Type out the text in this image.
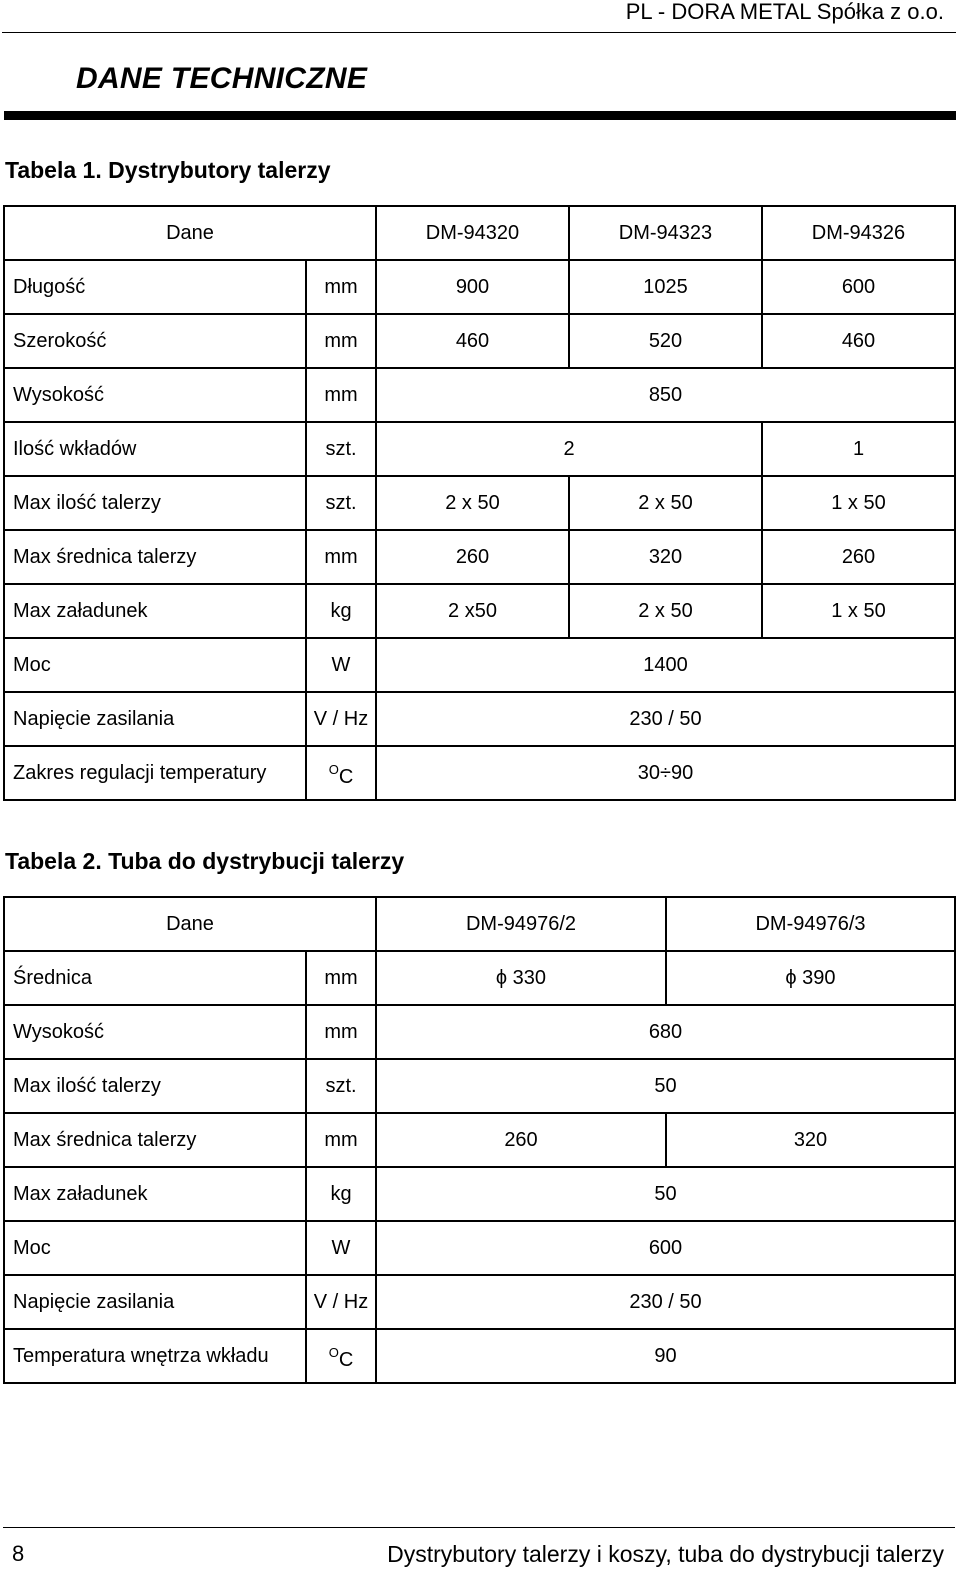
PL - DORA METAL Spółka z o.o.
DANE TECHNICZNE
Tabela 1. Dystrybutory talerzy
Dane		DM-94320	DM-94323	DM-94326
Długość	mm	900	1025	600
Szerokość	mm	460	520	460
Wysokość	mm	850		
Ilość wkładów	szt.	2		1
Max ilość talerzy	szt.	2 x 50	2 x 50	1 x 50
Max średnica talerzy	mm	260	320	260
Max załadunek	kg	2 x50	2 x 50	1 x 50
Moc	W	1400		
Napięcie zasilania	V / Hz	230 / 50		
Zakres regulacji temperatury	$^O$C	30÷90		
Tabela 2. Tuba do dystrybucji talerzy
Dane		DM-94976/2	DM-94976/3
Średnica	mm	ϕ 330	ϕ 390
Wysokość	mm	680	
Max ilość talerzy	szt.	50	
Max średnica talerzy	mm	260	320
Max załadunek	kg	50	
Moc	W	600	
Napięcie zasilania	V / Hz	230 / 50	
Temperatura wnętrza wkładu	$^O$C	90	
8	Dystrybutory talerzy i koszy, tuba do dystrybucji talerzy
